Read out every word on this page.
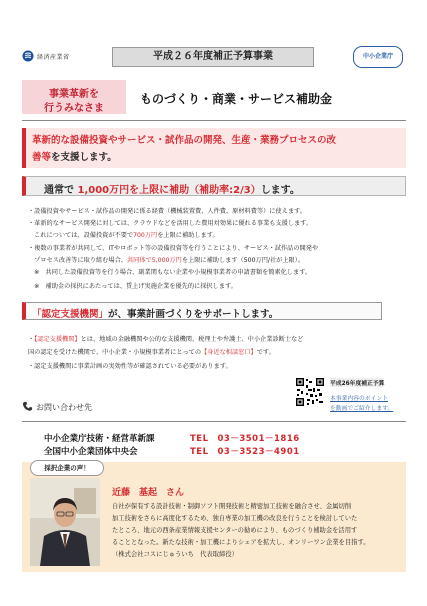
経済産業省	平成２６年度補正予算事業	中小企業庁
事業革新を
行うみなさま
ものづくり・商業・サービス補助金
革新的な設備投資やサービス・試作品の開発、生産・業務プロセスの改
善等を支援します。
通常で 1,000万円を上限に補助（補助率:2/3）します。
・設備投資やサービス・試作品の開発に係る経費（機械装置費、人件費、原材料費等）に使えます。
・革新的なサービス開発に対しては、クラウドなどを活用した費用対効果に優れる事業も支援します。
　これについては、設備投資が不要で700万円を上限に補助します。
・複数の事業者が共同して、ITやロボット等の設備投資等を行うことにより、サービス・試作品の開発や
　プロセス改善等に取り組む場合、共同体で5,000万円を上限に補助します（500万円/社が上限）。
　※　共同した設備投資等を行う場合、副業関もない企業や小規模事業者の申請書類を簡素化します。
　※　補助金の採択にあたっては、賃上げ実施企業を優先的に採択します。
「認定支援機関」が、事業計画づくりをサポートします。
・【認定支援機関】とは、地域の金融機関や公的な支援機関、税理士や弁護士、中小企業診断士など
国の認定を受けた機関で、中小企業・小規模事業者にとっての【身近な相談窓口】です。
・認定支援機関に事業計画の実効性等が確認されている必要があります。
平成26年度補正予算
本事業内容のポイント
を動画でご紹介します。
お問い合わせ先
中小企業庁技術・経営革新課	TEL　03－3501－1816
全国中小企業団体中央会	TEL　03－3523－4901
採択企業の声！
近藤　基起　さん
自社が保有する設計技術・制御ソフト開発技術と精密加工技術を融合させ、金属切削
加工技術をさらに高度化するため、独自専業の加工機の改良を行うことを検討していた
たところ、地元の西条産業情報支援センターの勧めにより、ものづくり補助金を活用す
ることとなった。新たな技術・加工機によりシェアを拡大し、オンリーワン企業を目指す。
（株式会社コスにじゅういち　代表取締役）
